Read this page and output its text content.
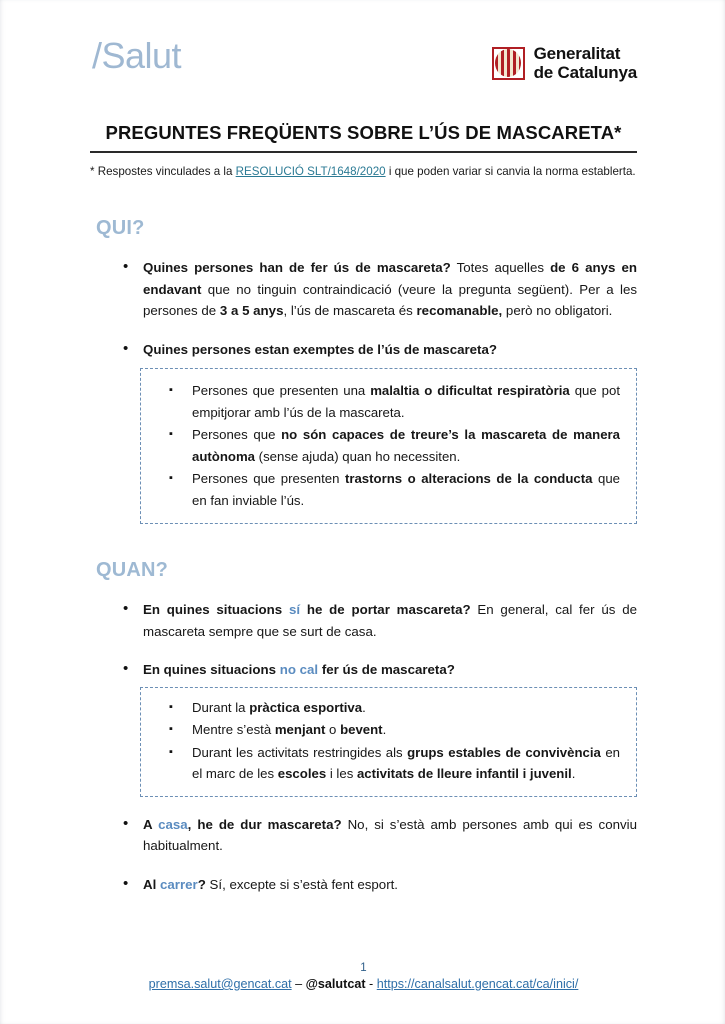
/Salut	Generalitat
de Catalunya
PREGUNTES FREQÜENTS SOBRE L’ÚS DE MASCARETA*

* Respostes vinculades a la RESOLUCIÓ SLT/1648/2020 i que poden variar si canvia la norma establerta.

QUI?
• Quines persones han de fer ús de mascareta? Totes aquelles de 6 anys en endavant que no tinguin contraindicació (veure la pregunta següent). Per a les persones de 3 a 5 anys, l’ús de mascareta és recomanable, però no obligatori.
• Quines persones estan exemptes de l’ús de mascareta?
▪ Persones que presenten una malaltia o dificultat respiratòria que pot empitjorar amb l’ús de la mascareta.
▪ Persones que no són capaces de treure’s la mascareta de manera autònoma (sense ajuda) quan ho necessiten.
▪ Persones que presenten trastorns o alteracions de la conducta que en fan inviable l’ús.
QUAN?
• En quines situacions sí he de portar mascareta? En general, cal fer ús de mascareta sempre que se surt de casa.
• En quines situacions no cal fer ús de mascareta?
▪ Durant la pràctica esportiva.
▪ Mentre s’està menjant o bevent.
▪ Durant les activitats restringides als grups estables de convivència en el marc de les escoles i les activitats de lleure infantil i juvenil.
• A casa, he de dur mascareta? No, si s’està amb persones amb qui es conviu habitualment.
• Al carrer? Sí, excepte si s’està fent esport.
1
premsa.salut@gencat.cat – @salutcat - https://canalsalut.gencat.cat/ca/inici/
